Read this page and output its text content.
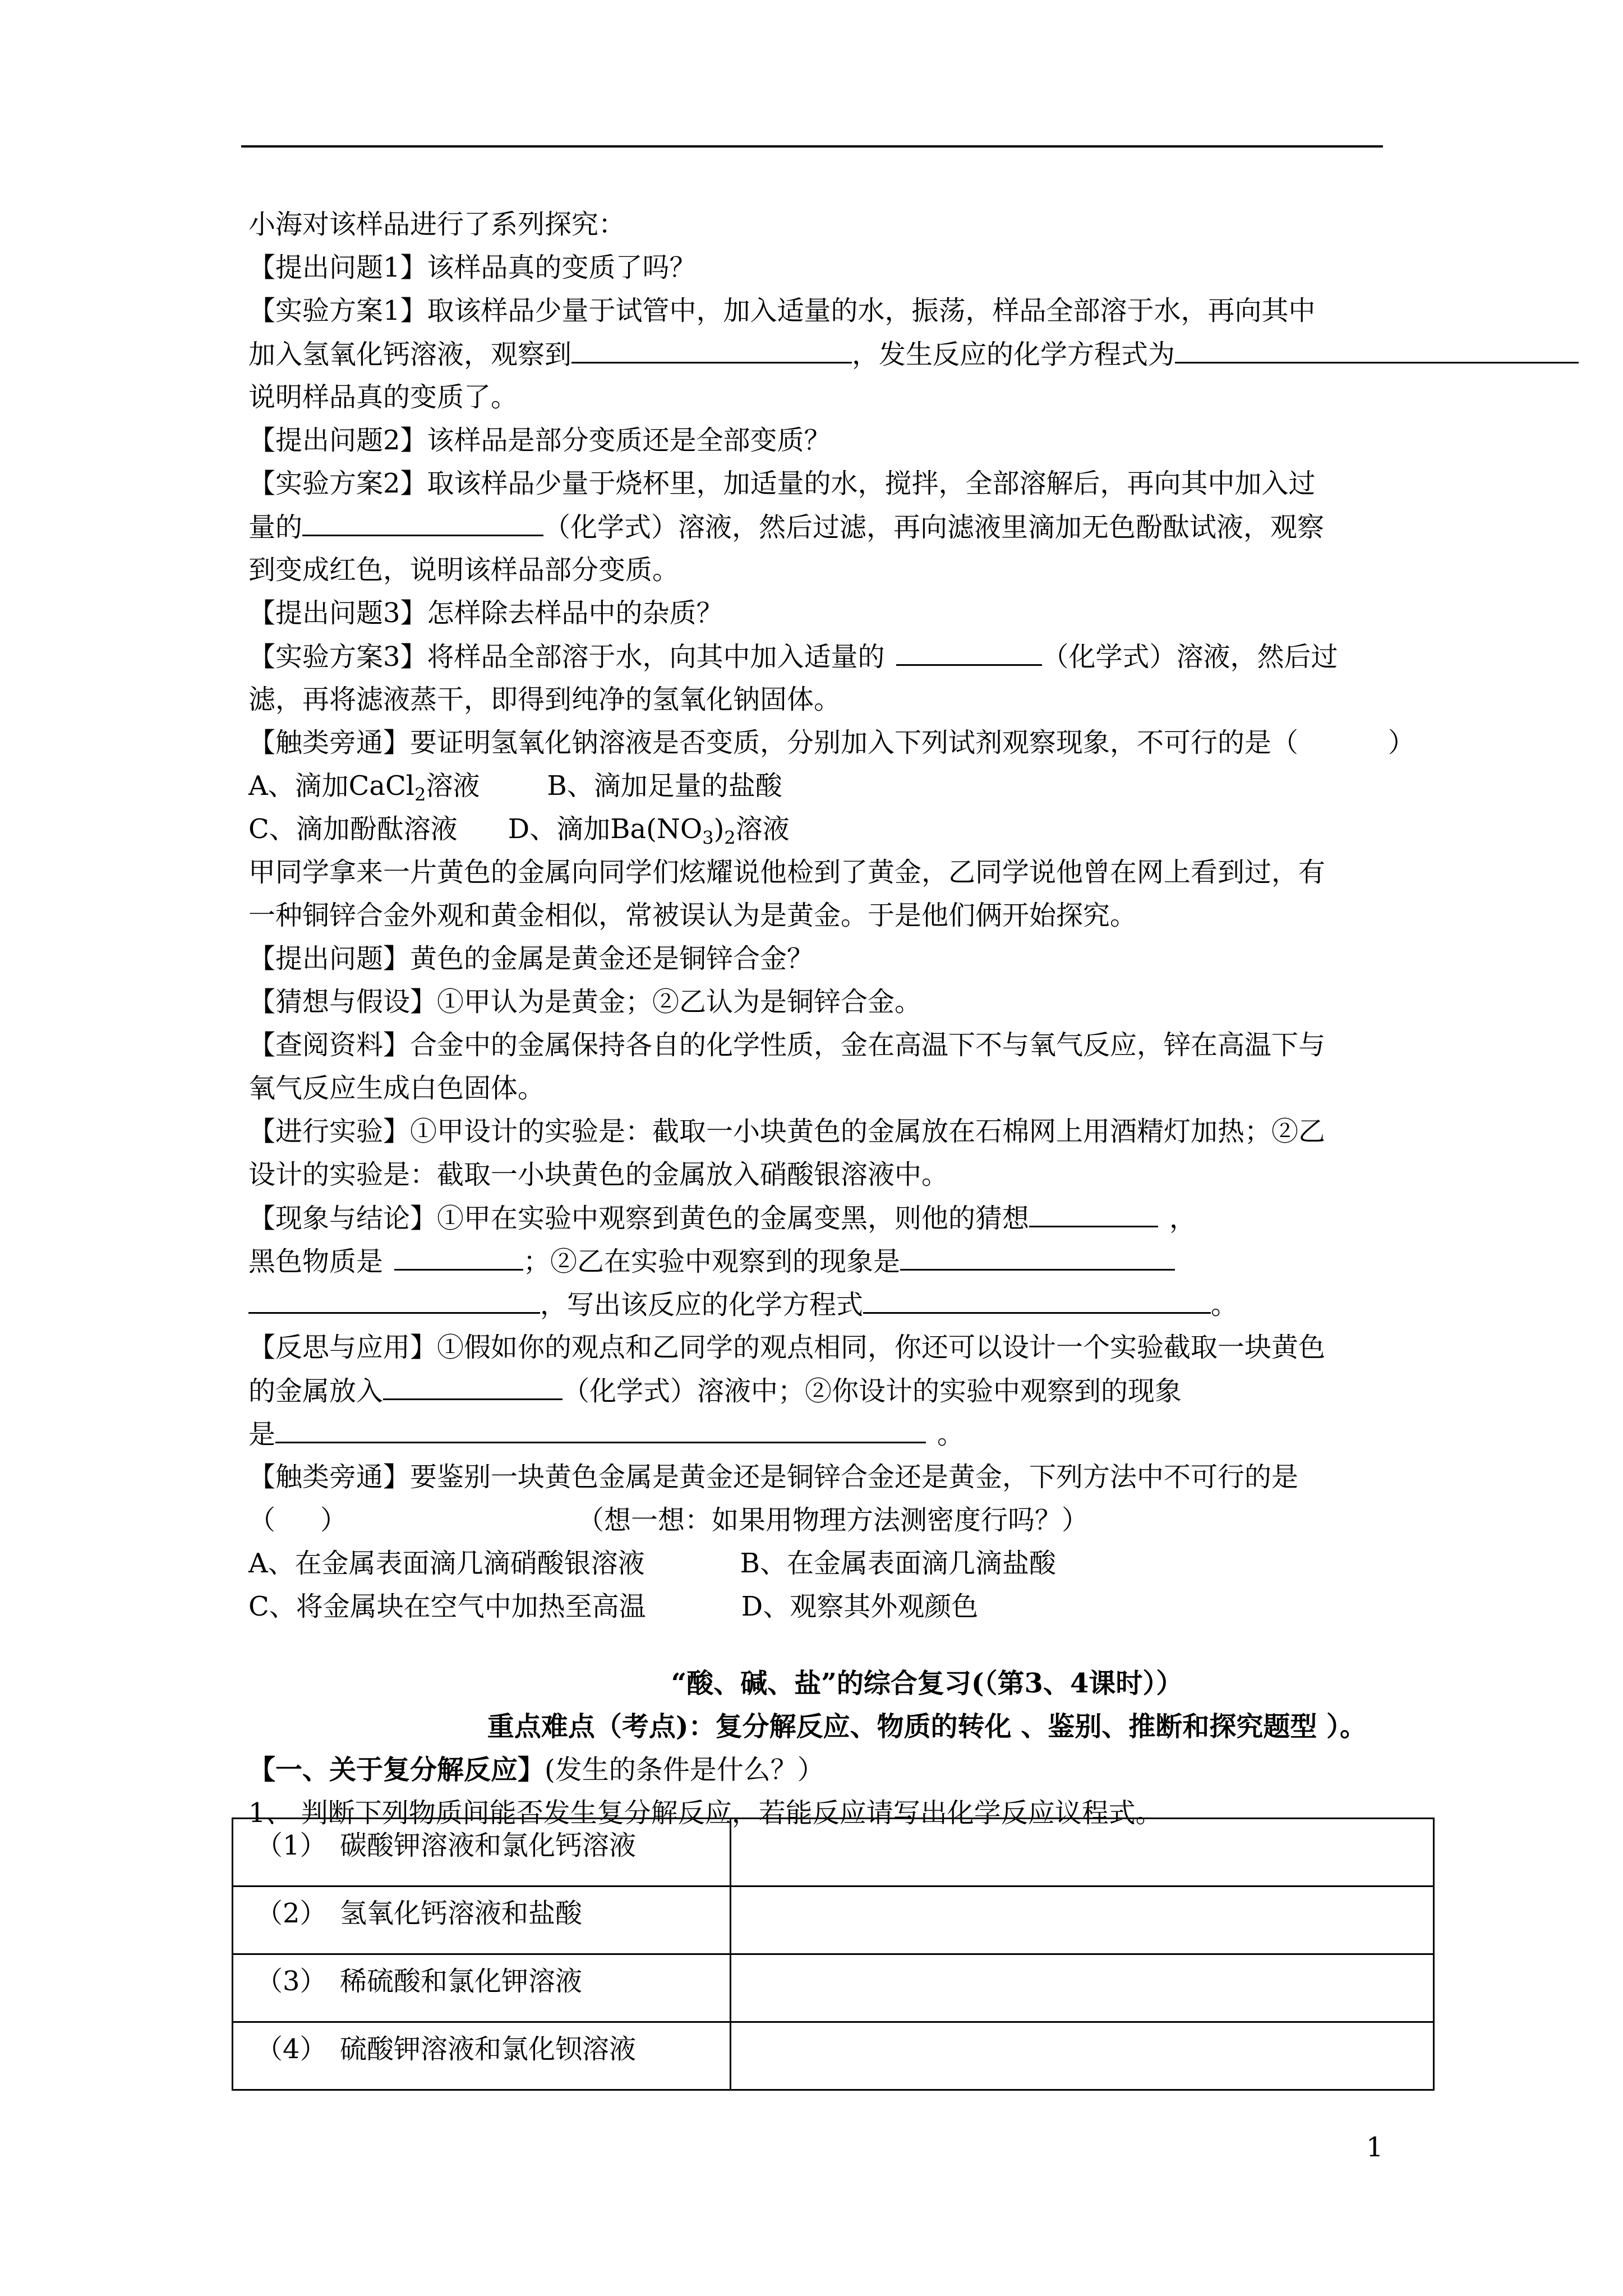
小海对该样品进行了系列探究：
【提出问题1】该样品真的变质了吗？
【实验方案1】取该样品少量于试管中，加入适量的水，振荡，样品全部溶于水，再向其中
加入氢氧化钙溶液，观察到	，发生反应的化学方程式为
说明样品真的变质了。
【提出问题2】该样品是部分变质还是全部变质？
【实验方案2】取该样品少量于烧杯里，加适量的水，搅拌，全部溶解后，再向其中加入过
量的	（化学式）溶液，然后过滤，再向滤液里滴加无色酚酞试液，观察
到变成红色，说明该样品部分变质。
【提出问题3】怎样除去样品中的杂质？
【实验方案3】将样品全部溶于水，向其中加入适量的	（化学式）溶液，然后过
滤，再将滤液蒸干，即得到纯净的氢氧化钠固体。
【触类旁通】要证明氢氧化钠溶液是否变质，分别加入下列试剂观察现象，不可行的是（	）
A、滴加CaCl$_2$溶液	B、滴加足量的盐酸
C、滴加酚酞溶液 D、滴加$Ba(NO_3)_2$溶液
甲同学拿来一片黄色的金属向同学们炫耀说他检到了黄金，乙同学说他曾在网上看到过，有
一种铜锌合金外观和黄金相似，常被误认为是黄金。于是他们俩开始探究。
【提出问题】黄色的金属是黄金还是铜锌合金？
【猜想与假设】①甲认为是黄金；②乙认为是铜锌合金。
【查阅资料】合金中的金属保持各自的化学性质，金在高温下不与氧气反应，锌在高温下与
氧气反应生成白色固体。
【进行实验】①甲设计的实验是：截取一小块黄色的金属放在石棉网上用酒精灯加热；②乙
设计的实验是：截取一小块黄色的金属放入硝酸银溶液中。
【现象与结论】①甲在实验中观察到黄色的金属变黑，则他的猜想	，
黑色物质是	；②乙在实验中观察到的现象是
，写出该反应的化学方程式	。
【反思与应用】①假如你的观点和乙同学的观点相同，你还可以设计一个实验截取一块黄色
的金属放入	（化学式）溶液中；②你设计的实验中观察到的现象
是	。
【触类旁通】要鉴别一块黄色金属是黄金还是铜锌合金还是黄金，下列方法中不可行的是
（ ）	（想一想：如果用物理方法测密度行吗？）
A、在金属表面滴几滴硝酸银溶液	B、在金属表面滴几滴盐酸
C、将金属块在空气中加热至高温	D、观察其外观颜色
“酸、碱、盐”的综合复习(（第3、4课时））
重点难点（考点)：复分解反应、物质的转化 、鉴别、推断和探究题型 ）。
【一、关于复分解反应】(发生的条件是什么？）
1、 判断下列物质间能否发生复分解反应，若能反应请写出化学反应议程式。
（1） 碳酸钾溶液和氯化钙溶液	
（2） 氢氧化钙溶液和盐酸	
（3） 稀硫酸和氯化钾溶液	
（4） 硫酸钾溶液和氯化钡溶液	
1
